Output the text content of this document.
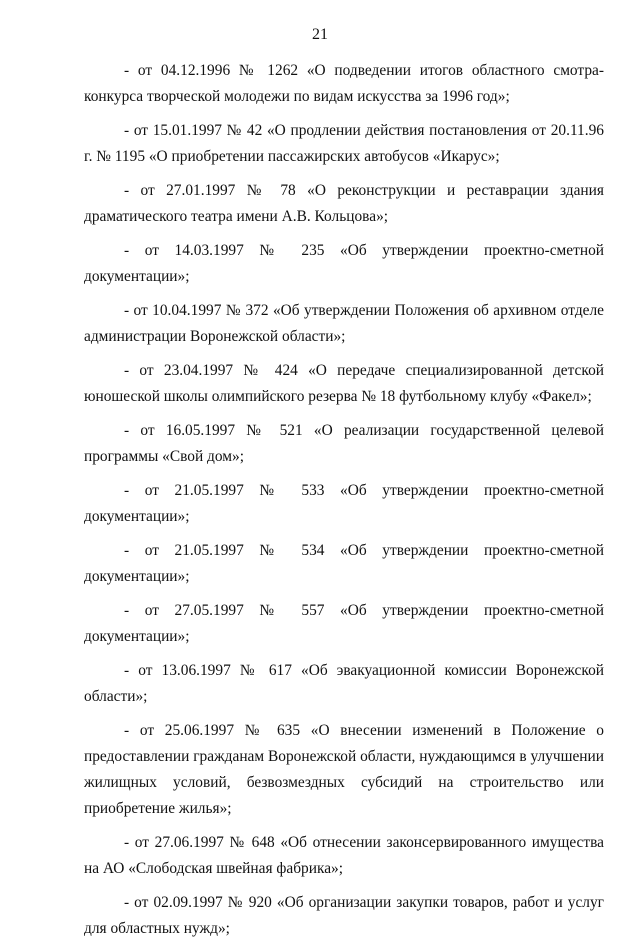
21

- от 04.12.1996 № 1262 «О подведении итогов областного смотра-конкурса творческой молодежи по видам искусства за 1996 год»;

- от 15.01.1997 № 42 «О продлении действия постановления от 20.11.96 г. № 1195 «О приобретении пассажирских автобусов «Икарус»;

- от 27.01.1997 № 78 «О реконструкции и реставрации здания драматического театра имени А.В. Кольцова»;

- от 14.03.1997 № 235 «Об утверждении проектно-сметной документации»;

- от 10.04.1997 № 372 «Об утверждении Положения об архивном отделе администрации Воронежской области»;

- от 23.04.1997 № 424 «О передаче специализированной детской юношеской школы олимпийского резерва № 18 футбольному клубу «Факел»;

- от 16.05.1997 № 521 «О реализации государственной целевой программы «Свой дом»;

- от 21.05.1997 № 533 «Об утверждении проектно-сметной документации»;

- от 21.05.1997 № 534 «Об утверждении проектно-сметной документации»;

- от 27.05.1997 № 557 «Об утверждении проектно-сметной документации»;

- от 13.06.1997 № 617 «Об эвакуационной комиссии Воронежской области»;

- от 25.06.1997 № 635 «О внесении изменений в Положение о предоставлении гражданам Воронежской области, нуждающимся в улучшении жилищных условий, безвозмездных субсидий на строительство или приобретение жилья»;

- от 27.06.1997 № 648 «Об отнесении законсервированного имущества на АО «Слободская швейная фабрика»;

- от 02.09.1997 № 920 «Об организации закупки товаров, работ и услуг для областных нужд»;
